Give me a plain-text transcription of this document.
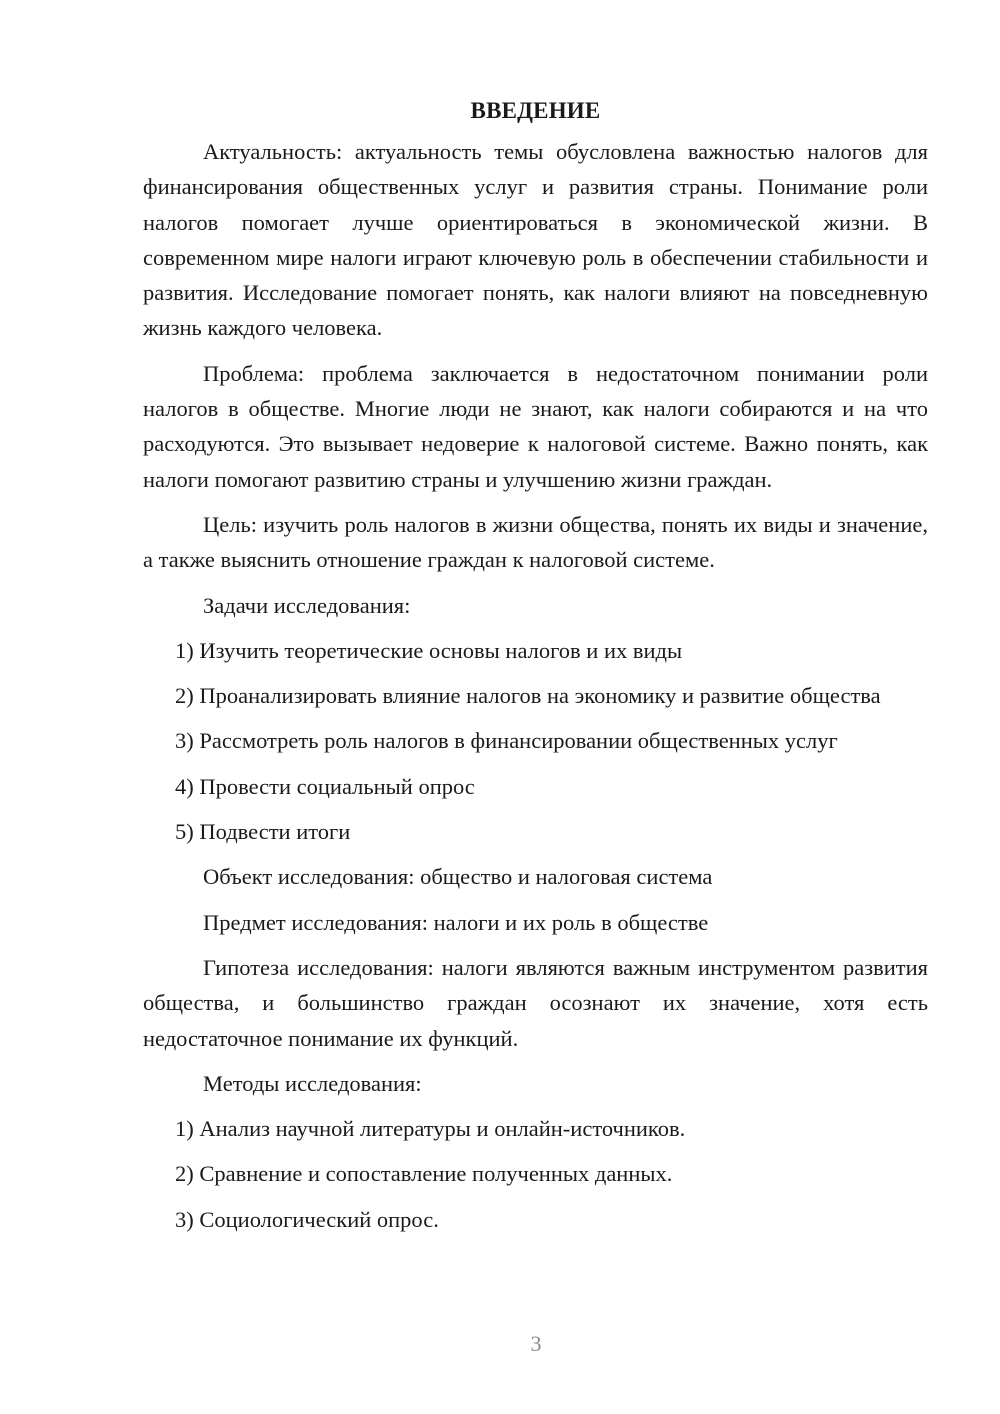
ВВЕДЕНИЕ

Актуальность: актуальность темы обусловлена важностью налогов для финансирования общественных услуг и развития страны. Понимание роли налогов помогает лучше ориентироваться в экономической жизни. В современном мире налоги играют ключевую роль в обеспечении стабильности и развития. Исследование помогает понять, как налоги влияют на повседневную жизнь каждого человека.

Проблема: проблема заключается в недостаточном понимании роли налогов в обществе. Многие люди не знают, как налоги собираются и на что расходуются. Это вызывает недоверие к налоговой системе. Важно понять, как налоги помогают развитию страны и улучшению жизни граждан.

Цель: изучить роль налогов в жизни общества, понять их виды и значение, а также выяснить отношение граждан к налоговой системе.

Задачи исследования:

1) Изучить теоретические основы налогов и их виды

2) Проанализировать влияние налогов на экономику и развитие общества

3) Рассмотреть роль налогов в финансировании общественных услуг

4) Провести социальный опрос

5) Подвести итоги

Объект исследования: общество и налоговая система

Предмет исследования: налоги и их роль в обществе

Гипотеза исследования: налоги являются важным инструментом развития общества, и большинство граждан осознают их значение, хотя есть недостаточное понимание их функций.

Методы исследования:

1) Анализ научной литературы и онлайн-источников.

2) Сравнение и сопоставление полученных данных.

3) Социологический опрос.

3
